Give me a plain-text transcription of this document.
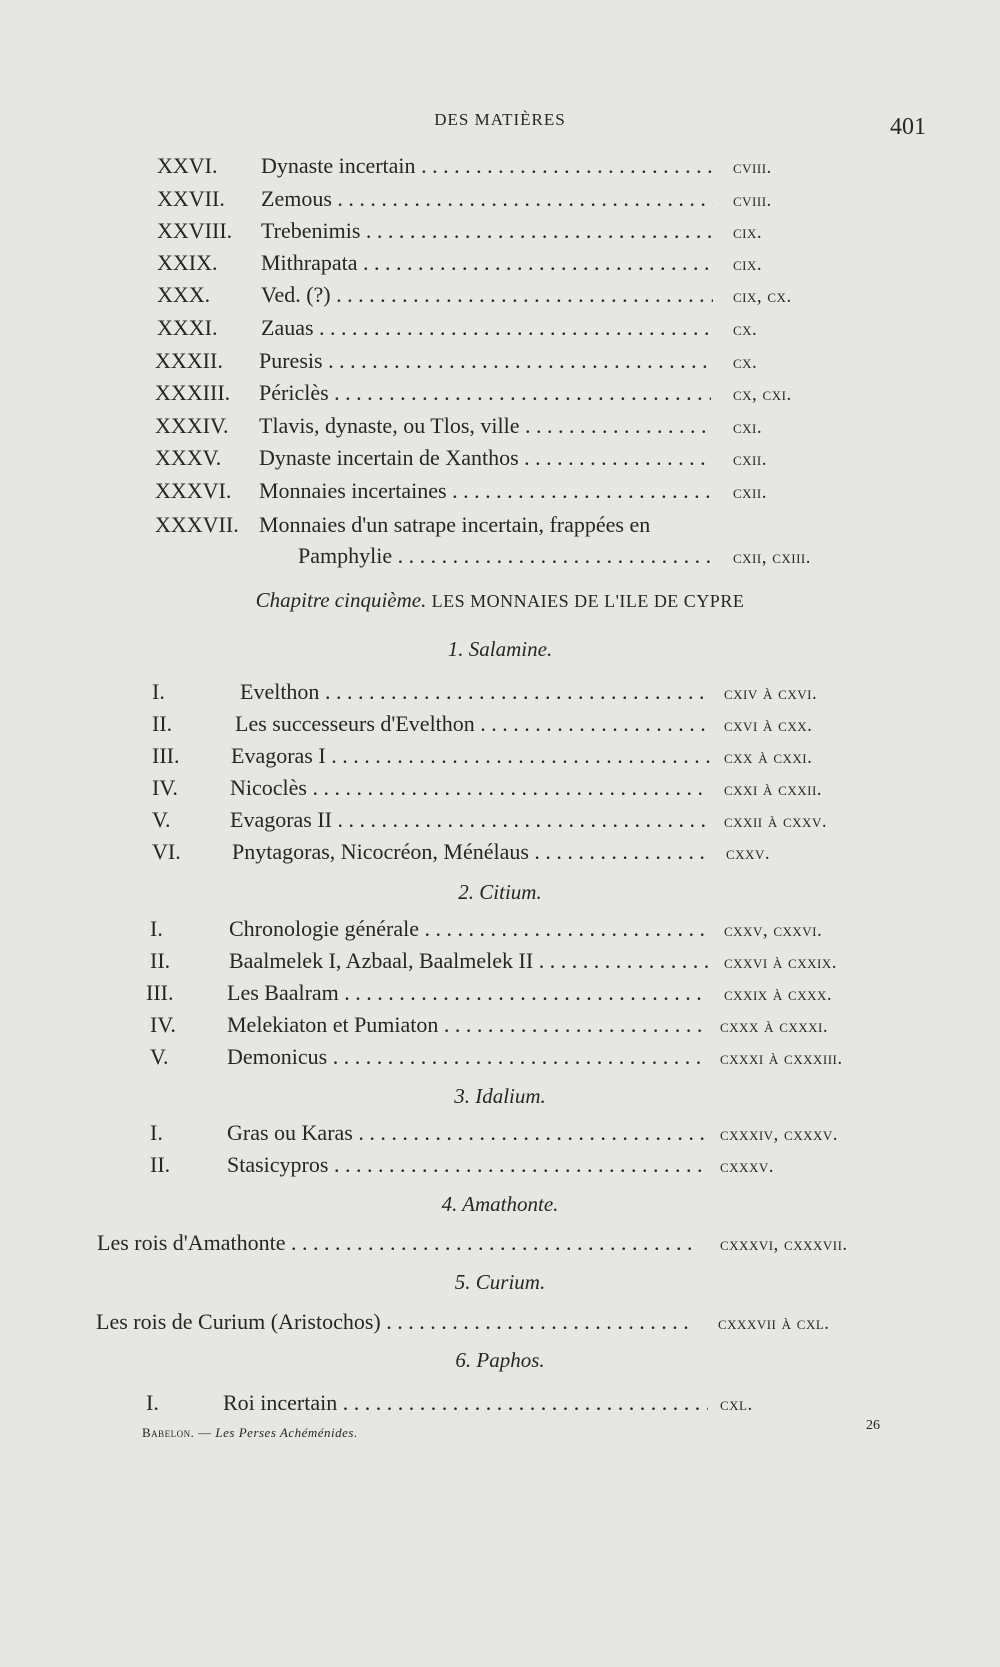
DES MATIÈRES	401
XXVI. Dynaste incertain . . .	cviii.
XXVII. Zemous . . .	cviii.
XXVIII. Trebenimis . . .	cix.
XXIX. Mithrapata . . .	cix.
XXX. Ved. (?) . . .	cix, cx.
XXXI. Zauas . . .	cx.
XXXII. Puresis . . .	cx.
XXXIII. Périclès . . .	cx, cxi.
XXXIV. Tlavis, dynaste, ou Tlos, ville . . .	cxi.
XXXV. Dynaste incertain de Xanthos . . .	cxii.
XXXVI. Monnaies incertaines . . .	cxii.
XXXVII. Monnaies d'un satrape incertain, frappées en
Pamphylie . . .	cxii, cxiii.
Chapitre cinquième. LES MONNAIES DE L'ILE DE CYPRE
1. Salamine.
I.	Evelthon . . .	cxiv à cxvi.
II.	Les successeurs d'Evelthon . . .	cxvi à cxx.
III. Evagoras I . . .	cxx à cxxi.
IV. Nicoclès . . .	cxxi à cxxii.
V.	Evagoras II . . .	cxxii à cxxv.
VI. Pnytagoras, Nicocréon, Ménélaus . . .	cxxv.
2. Citium.
I.	Chronologie générale . . .	cxxv, cxxvi.
II.	Baalmelek I, Azbaal, Baalmelek II . . .	cxxvi à cxxix.
III. Les Baalram . . .	cxxix à cxxx.
IV. Melekiaton et Pumiaton . . .	cxxx à cxxxi.
V.	Demonicus . . .	cxxxi à cxxxiii.
3. Idalium.
I.	Gras ou Karas . . .	cxxxiv, cxxxv.
II.	Stasicypros . . .	cxxxv.
4. Amathonte.
Les rois d'Amathonte . . .	cxxxvi, cxxxvii.
5. Curium.
Les rois de Curium (Aristochos) . . .	cxxxvii à cxl.
6. Paphos.
I.	Roi incertain . . .	cxl.
Babelon. — Les Perses Achéménides.	26
